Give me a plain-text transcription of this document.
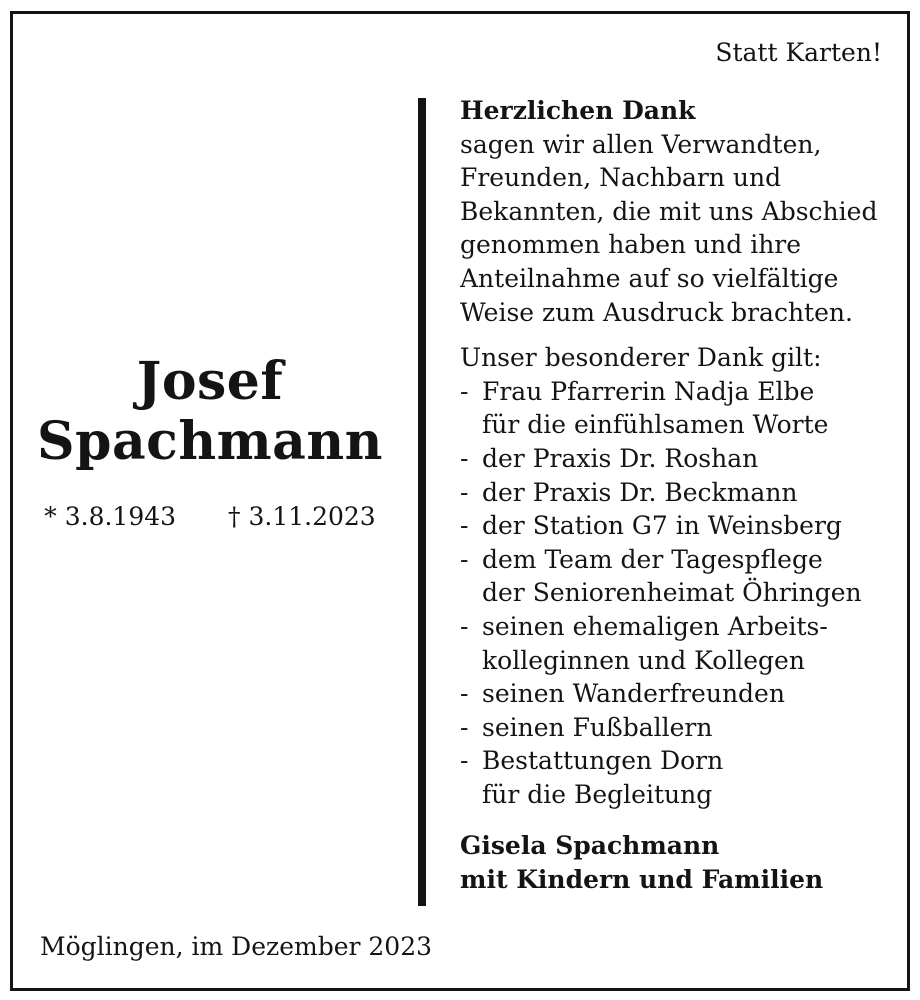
Statt Karten!

Josef

Spachmann

* 3.8.1943 † 3.11.2023
Herzlichen Dank
sagen wir allen Verwandten,
Freunden, Nachbarn und
Bekannten, die mit uns Abschied
genommen haben und ihre
Anteilnahme auf so vielfältige
Weise zum Ausdruck brachten.
Unser besonderer Dank gilt:
- Frau Pfarrerin Nadja Elbe
für die einfühlsamen Worte
- der Praxis Dr. Roshan
- der Praxis Dr. Beckmann
- der Station G7 in Weinsberg
- dem Team der Tagespflege
der Seniorenheimat Öhringen
- seinen ehemaligen Arbeits-
kolleginnen und Kollegen
- seinen Wanderfreunden
- seinen Fußballern
- Bestattungen Dorn
für die Begleitung
Gisela Spachmann
mit Kindern und Familien
Möglingen, im Dezember 2023
